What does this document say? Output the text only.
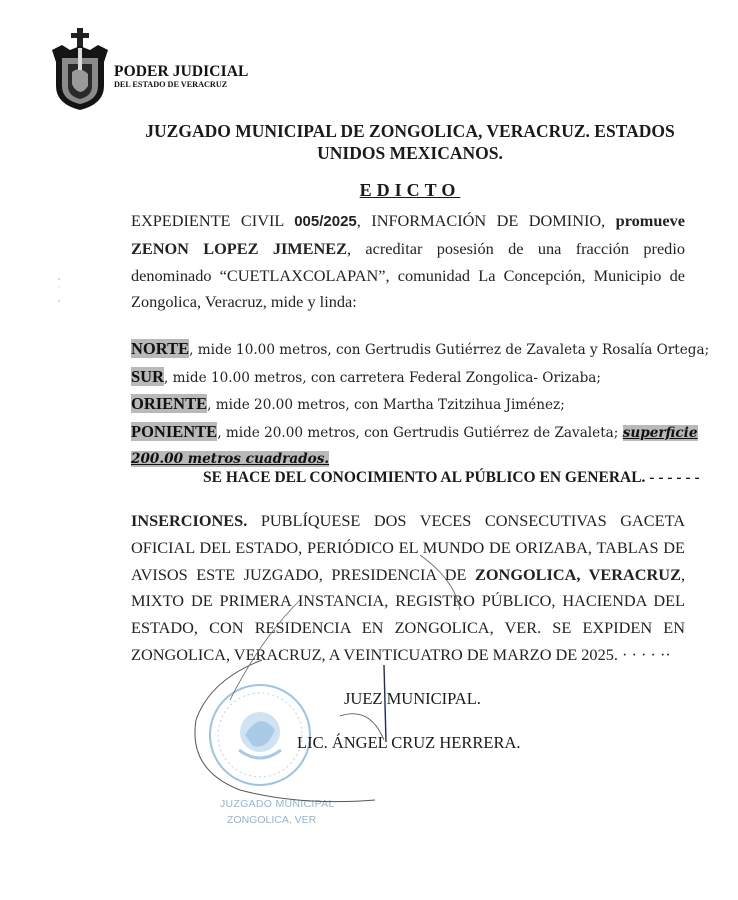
PODER JUDICIAL
DEL ESTADO DE VERACRUZ
JUZGADO MUNICIPAL DE ZONGOLICA, VERACRUZ. ESTADOS UNIDOS MEXICANOS.
EDICTO
EXPEDIENTE CIVIL 005/2025, INFORMACIÓN DE DOMINIO, promueve ZENON LOPEZ JIMENEZ, acreditar posesión de una fracción predio denominado “CUETLAXCOLAPAN”, comunidad La Concepción, Municipio de Zongolica, Veracruz, mide y linda:
NORTE, mide 10.00 metros, con Gertrudis Gutiérrez de Zavaleta y Rosalía Ortega;
SUR, mide 10.00 metros, con carretera Federal Zongolica- Orizaba;
ORIENTE, mide 20.00 metros, con Martha Tzitzihua Jiménez;
PONIENTE, mide 20.00 metros, con Gertrudis Gutiérrez de Zavaleta; superficie
200.00 metros cuadrados.
SE HACE DEL CONOCIMIENTO AL PÚBLICO EN GENERAL. - - - - - -
INSERCIONES. PUBLÍQUESE DOS VECES CONSECUTIVAS GACETA OFICIAL DEL ESTADO, PERIÓDICO EL MUNDO DE ORIZABA, TABLAS DE AVISOS ESTE JUZGADO, PRESIDENCIA DE ZONGOLICA, VERACRUZ, MIXTO DE PRIMERA INSTANCIA, REGISTRO PÚBLICO, HACIENDA DEL ESTADO, CON RESIDENCIA EN ZONGOLICA, VER. SE EXPIDEN EN ZONGOLICA, VERACRUZ, A VEINTICUATRO DE MARZO DE 2025. · · · · ··
JUZGADO MUNICIPAL
ZONGOLICA, VER
JUEZ MUNICIPAL.
LIC. ÁNGEL CRUZ HERRERA.
